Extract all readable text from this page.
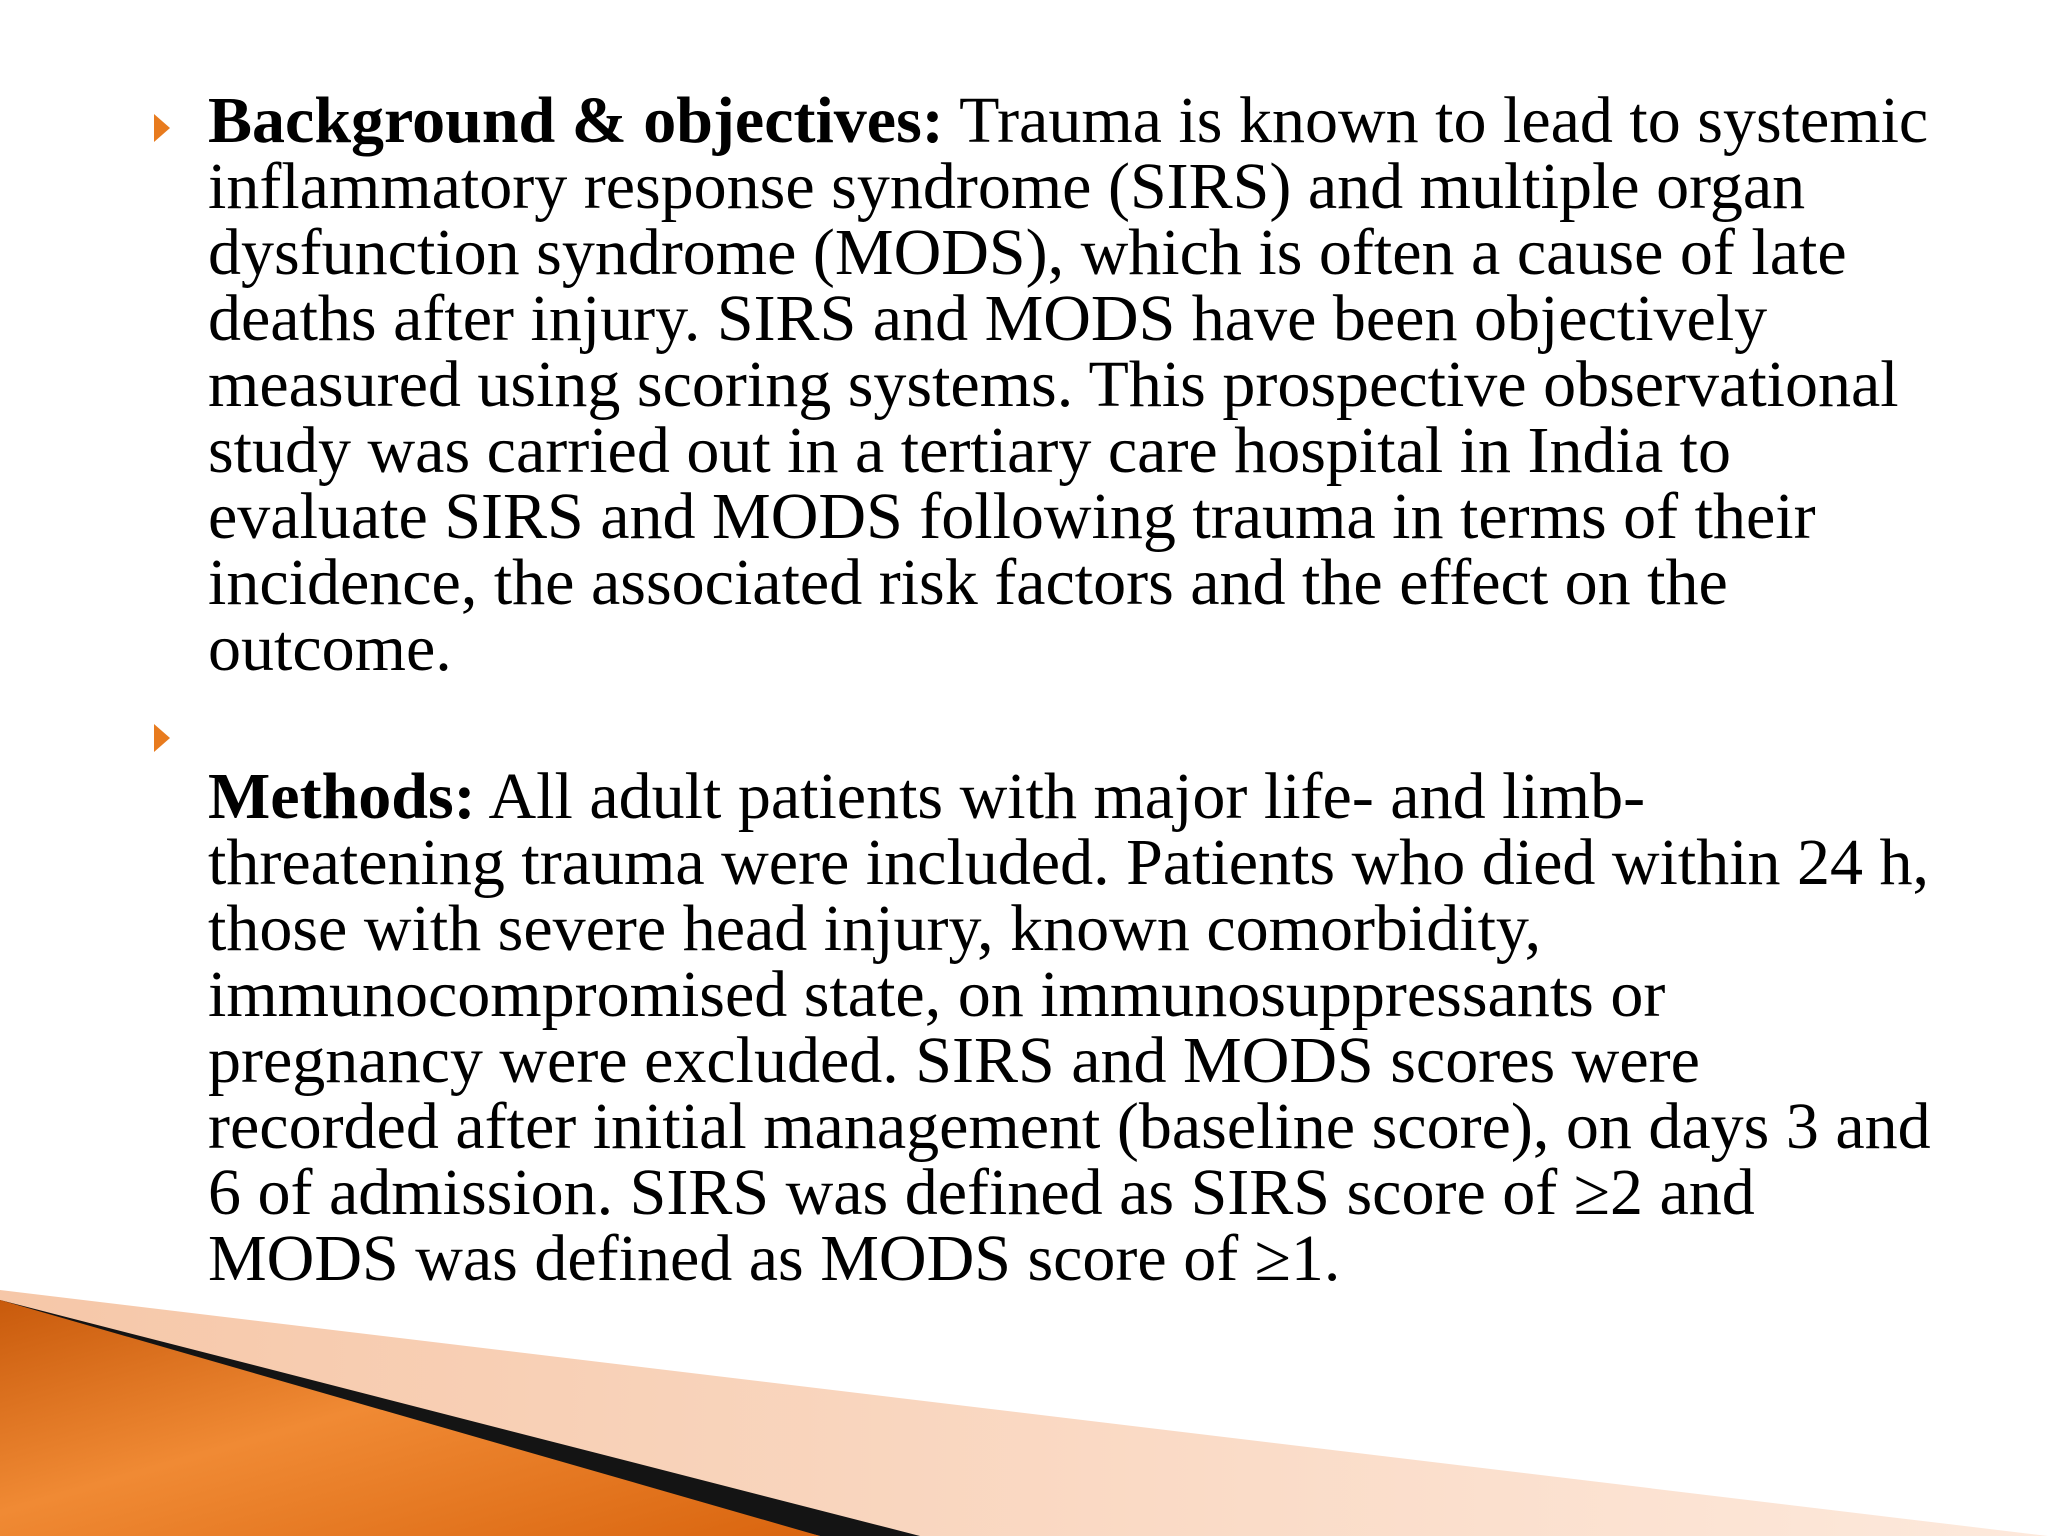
Background & objectives: Trauma is known to lead to systemic inflammatory response syndrome (SIRS) and multiple organ dysfunction syndrome (MODS), which is often a cause of late deaths after injury. SIRS and MODS have been objectively measured using scoring systems. This prospective observational study was carried out in a tertiary care hospital in India to evaluate SIRS and MODS following trauma in terms of their incidence, the associated risk factors and the effect on the outcome.

Methods: All adult patients with major life- and limb-threatening trauma were included. Patients who died within 24 h, those with severe head injury, known comorbidity, immunocompromised state, on immunosuppressants or pregnancy were excluded. SIRS and MODS scores were recorded after initial management (baseline score), on days 3 and 6 of admission. SIRS was defined as SIRS score of ≥2 and MODS was defined as MODS score of ≥1.
